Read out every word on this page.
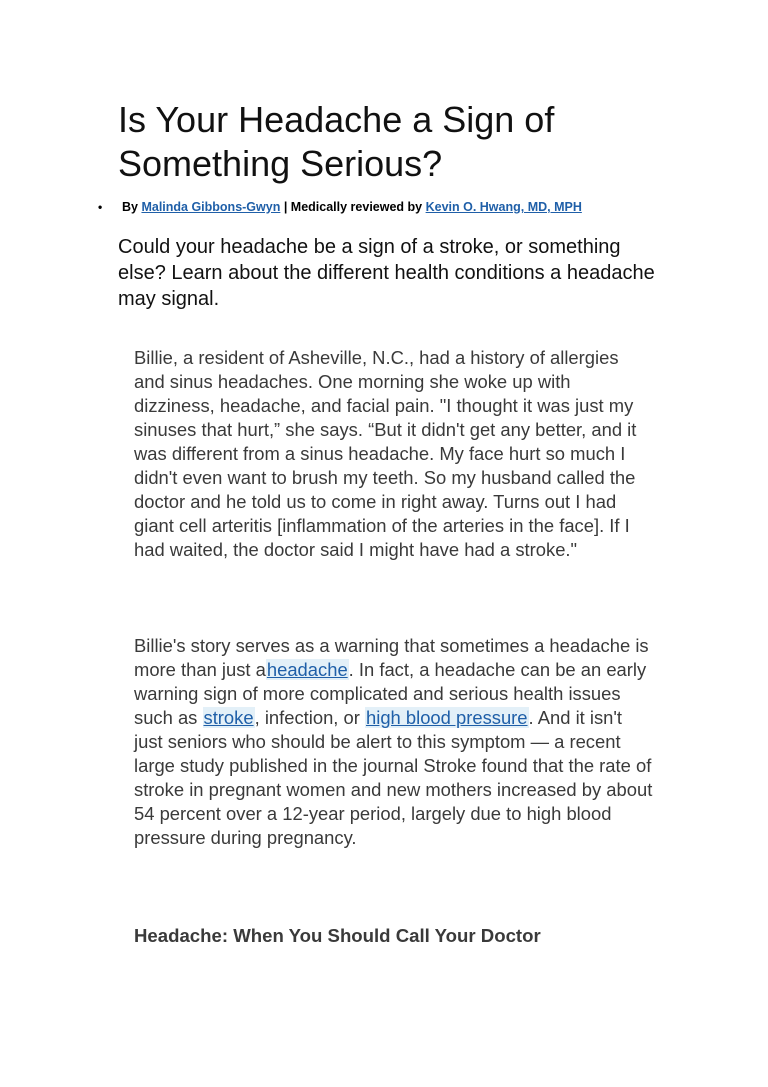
Is Your Headache a Sign of Something Serious?
• By Malinda Gibbons-Gwyn | Medically reviewed by Kevin O. Hwang, MD, MPH

Could your headache be a sign of a stroke, or something else? Learn about the different health conditions a headache may signal.

Billie, a resident of Asheville, N.C., had a history of allergies and sinus headaches. One morning she woke up with dizziness, headache, and facial pain. "I thought it was just my sinuses that hurt,” she says. “But it didn't get any better, and it was different from a sinus headache. My face hurt so much I didn't even want to brush my teeth. So my husband called the doctor and he told us to come in right away. Turns out I had giant cell arteritis [inflammation of the arteries in the face]. If I had waited, the doctor said I might have had a stroke."

Billie's story serves as a warning that sometimes a headache is more than just aheadache. In fact, a headache can be an early warning sign of more complicated and serious health issues such as stroke, infection, or high blood pressure. And it isn't just seniors who should be alert to this symptom — a recent large study published in the journal Stroke found that the rate of stroke in pregnant women and new mothers increased by about 54 percent over a 12-year period, largely due to high blood pressure during pregnancy.

Headache: When You Should Call Your Doctor
